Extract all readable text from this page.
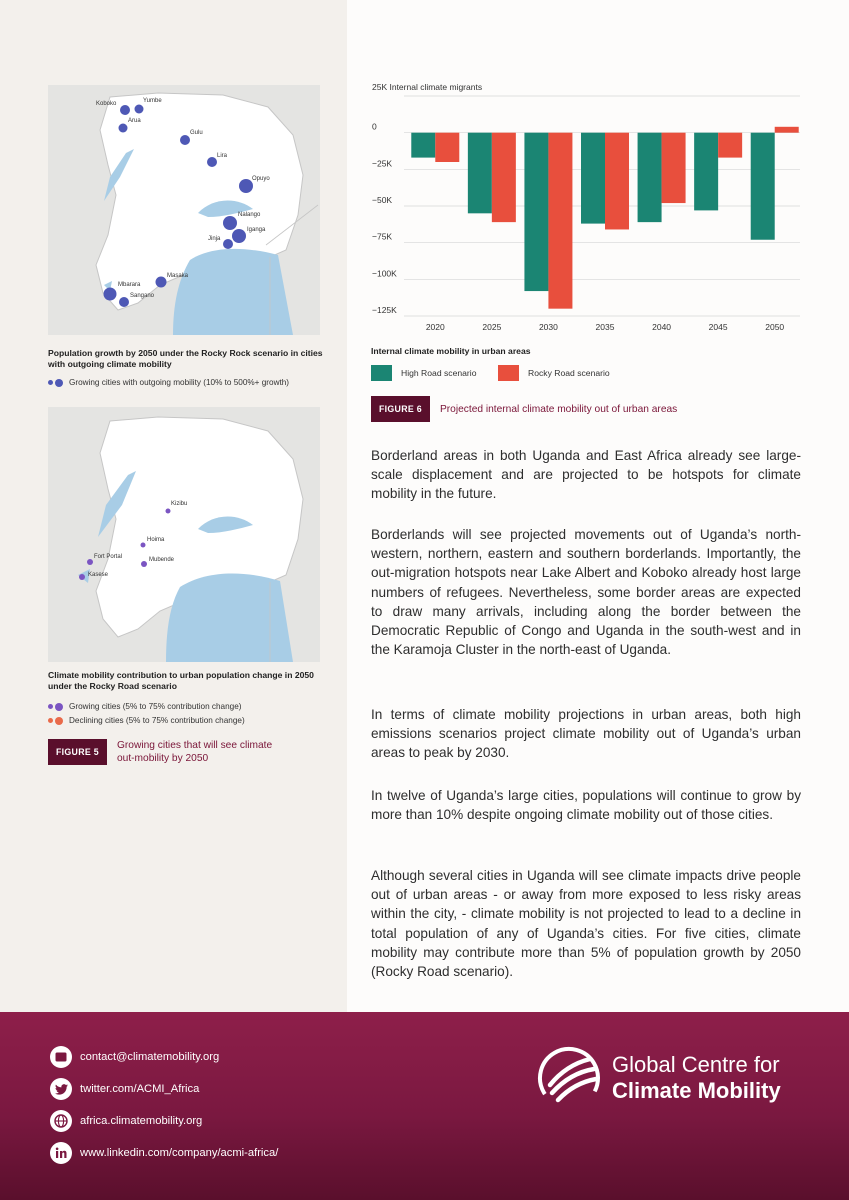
Koboko	Yumbe
Arua
Gulu
Lira
Opuyo
Nalango
Iganga
Jinja
Masaka
Mbarara
Sangano
Population growth by 2050 under the Rocky Rock scenario in cities with outgoing climate mobility
Growing cities with outgoing mobility (10% to 500%+ growth)
Kizibu
Hoima
Fort Portal	Mubende
Kasese
Climate mobility contribution to urban population change in 2050 under the Rocky Road scenario
Growing cities (5% to 75% contribution change)
Declining cities (5% to 75% contribution change)
FIGURE 5
Growing cities that will see climate
out-mobility by 2050
25K Internal climate migrants
0
−25K
−50K
−75K
−100K
−125K
2020	2025	2030	2035	2040	2045	2050
Internal climate mobility in urban areas
High Road scenario	Rocky Road scenario
FIGURE 6	Projected internal climate mobility out of urban areas

Borderland areas in both Uganda and East Africa already see large-scale displacement and are projected to be hotspots for climate mobility in the future.

Borderlands will see projected movements out of Uganda’s north-western, northern, eastern and southern borderlands. Importantly, the out-migration hotspots near Lake Albert and Koboko already host large numbers of refugees. Nevertheless, some border areas are expected to draw many arrivals, including along the border between the Democratic Republic of Congo and Uganda in the south-west and in the Karamoja Cluster in the north-east of Uganda.

In terms of climate mobility projections in urban areas, both high emissions scenarios project climate mobility out of Uganda’s urban areas to peak by 2030.

In twelve of Uganda’s large cities, populations will continue to grow by more than 10% despite ongoing climate mobility out of those cities.

Although several cities in Uganda will see climate impacts drive people out of urban areas - or away from more exposed to less risky areas within the city, - climate mobility is not projected to lead to a decline in total population of any of Uganda’s cities. For five cities, climate mobility may contribute more than 5% of population growth by 2050 (Rocky Road scenario).

contact@climatemobility.org
twitter.com/ACMI_Africa
africa.climatemobility.org
www.linkedin.com/company/acmi-africa/
Global Centre for
Climate Mobility
